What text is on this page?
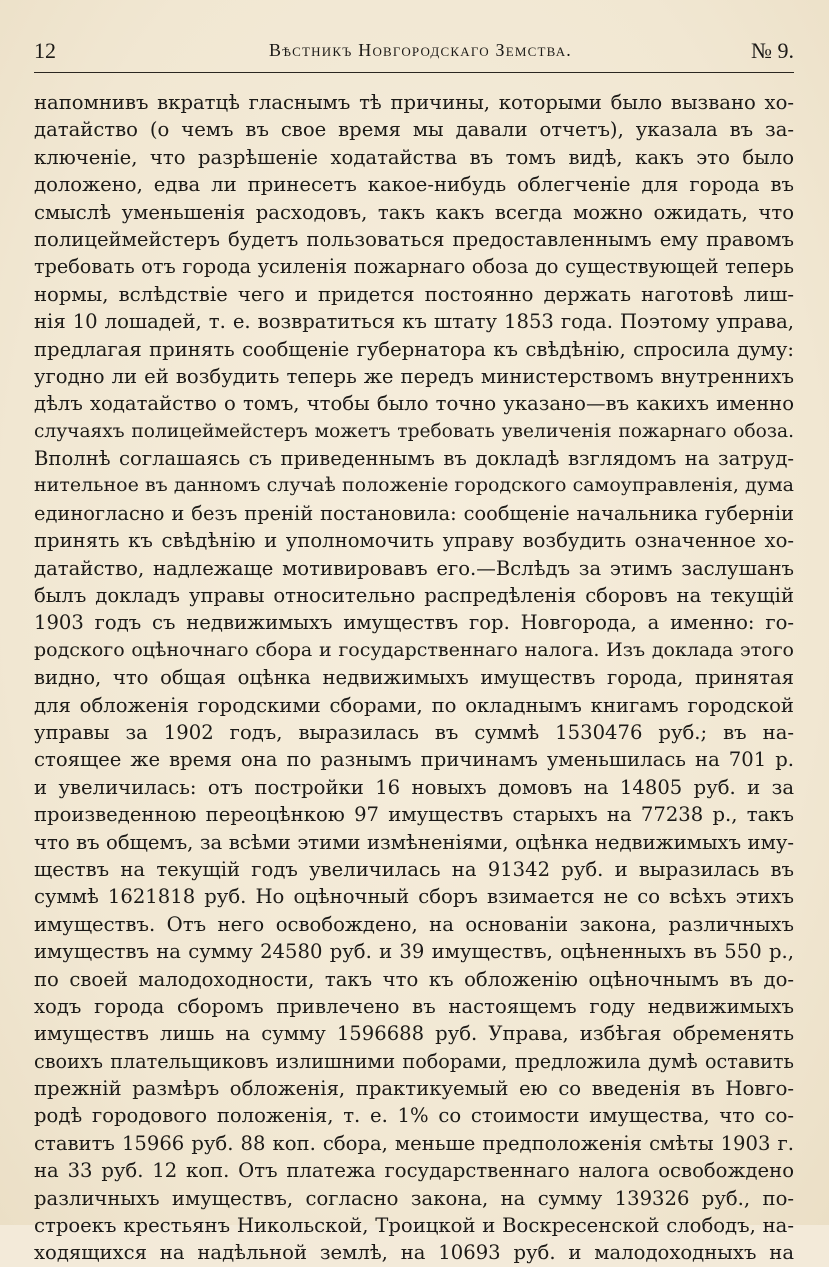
12	Вѣстникъ Новгородскаго Земства.	№ 9.
напомнивъ вкратцѣ гласнымъ тѣ причины, которыми было вызвано хо-
датайство (о чемъ въ свое время мы давали отчетъ), указала въ за-
ключеніе, что разрѣшеніе ходатайства въ томъ видѣ, какъ это было
доложено, едва ли принесетъ какое-нибудь облегченіе для города въ
смыслѣ уменьшенія расходовъ, такъ какъ всегда можно ожидать, что
полицеймейстеръ будетъ пользоваться предоставленнымъ ему правомъ
требовать отъ города усиленія пожарнаго обоза до существующей теперь
нормы, вслѣдствіе чего и придется постоянно держать наготовѣ лиш-
нія 10 лошадей, т. е. возвратиться къ штату 1853 года. Поэтому управа,
предлагая принять сообщеніе губернатора къ свѣдѣнію, спросила думу:
угодно ли ей возбудить теперь же передъ министерствомъ внутреннихъ
дѣлъ ходатайство о томъ, чтобы было точно указано—въ какихъ именно
случаяхъ полицеймейстеръ можетъ требовать увеличенія пожарнаго обоза.
Вполнѣ соглашаясь съ приведеннымъ въ докладѣ взглядомъ на затруд-
нительное въ данномъ случаѣ положеніе городского самоуправленія, дума
единогласно и безъ преній постановила: сообщеніе начальника губерніи
принять къ свѣдѣнію и уполномочить управу возбудить означенное хо-
датайство, надлежаще мотивировавъ его.—Вслѣдъ за этимъ заслушанъ
былъ докладъ управы относительно распредѣленія сборовъ на текущій
1903 годъ съ недвижимыхъ имуществъ гор. Новгорода, а именно: го-
родского оцѣночнаго сбора и государственнаго налога. Изъ доклада этого
видно, что общая оцѣнка недвижимыхъ имуществъ города, принятая
для обложенія городскими сборами, по окладнымъ книгамъ городской
управы за 1902 годъ, выразилась въ суммѣ 1530476 руб.; въ на-
стоящее же время она по разнымъ причинамъ уменьшилась на 701 р.
и увеличилась: отъ постройки 16 новыхъ домовъ на 14805 руб. и за
произведенною переоцѣнкою 97 имуществъ старыхъ на 77238 р., такъ
что въ общемъ, за всѣми этими измѣненіями, оцѣнка недвижимыхъ иму-
ществъ на текущій годъ увеличилась на 91342 руб. и выразилась въ
суммѣ 1621818 руб. Но оцѣночный сборъ взимается не со всѣхъ этихъ
имуществъ. Отъ него освобождено, на основаніи закона, различныхъ
имуществъ на сумму 24580 руб. и 39 имуществъ, оцѣненныхъ въ 550 р.,
по своей малодоходности, такъ что къ обложенію оцѣночнымъ въ до-
ходъ города сборомъ привлечено въ настоящемъ году недвижимыхъ
имуществъ лишь на сумму 1596688 руб. Управа, избѣгая обременять
своихъ плательщиковъ излишними поборами, предложила думѣ оставить
прежній размѣръ обложенія, практикуемый ею со введенія въ Новго-
родѣ городового положенія, т. е. 1% со стоимости имущества, что со-
ставитъ 15966 руб. 88 коп. сбора, меньше предположенія смѣты 1903 г.
на 33 руб. 12 коп. Отъ платежа государственнаго налога освобождено
различныхъ имуществъ, согласно закона, на сумму 139326 руб., по-
строекъ крестьянъ Никольской, Троицкой и Воскресенской слободъ, на-
ходящихся на надѣльной землѣ, на 10693 руб. и малодоходныхъ на
